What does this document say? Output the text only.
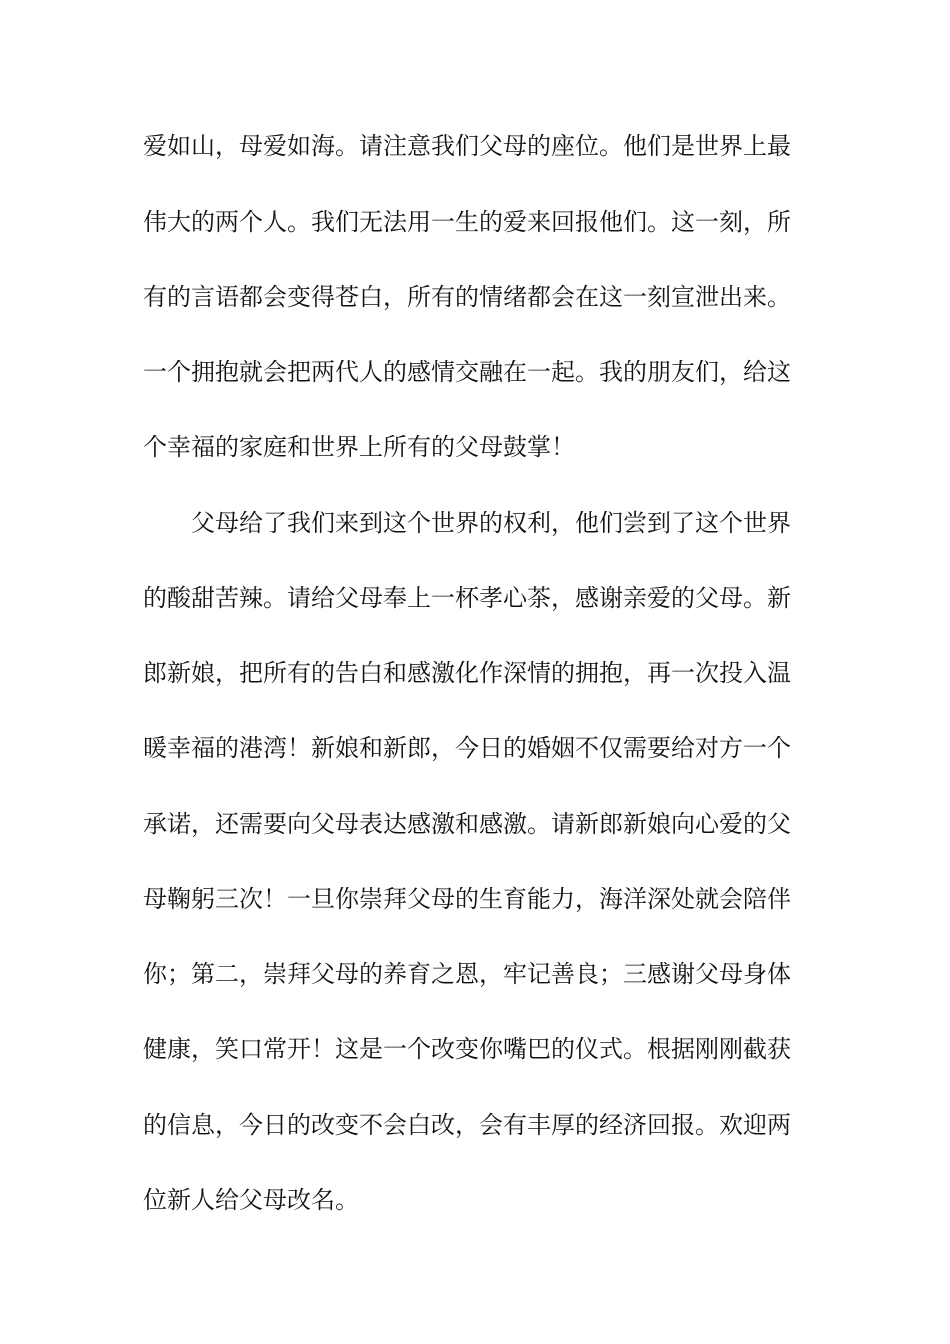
爱如山，母爱如海。请注意我们父母的座位。他们是世界上最
伟大的两个人。我们无法用一生的爱来回报他们。这一刻，所
有的言语都会变得苍白，所有的情绪都会在这一刻宣泄出来。
一个拥抱就会把两代人的感情交融在一起。我的朋友们，给这
个幸福的家庭和世界上所有的父母鼓掌！
父母给了我们来到这个世界的权利，他们尝到了这个世界
的酸甜苦辣。请给父母奉上一杯孝心茶，感谢亲爱的父母。新
郎新娘，把所有的告白和感激化作深情的拥抱，再一次投入温
暖幸福的港湾！新娘和新郎，今日的婚姻不仅需要给对方一个
承诺，还需要向父母表达感激和感激。请新郎新娘向心爱的父
母鞠躬三次！一旦你崇拜父母的生育能力，海洋深处就会陪伴
你；第二，崇拜父母的养育之恩，牢记善良；三感谢父母身体
健康，笑口常开！这是一个改变你嘴巴的仪式。根据刚刚截获
的信息，今日的改变不会白改，会有丰厚的经济回报。欢迎两
位新人给父母改名。
